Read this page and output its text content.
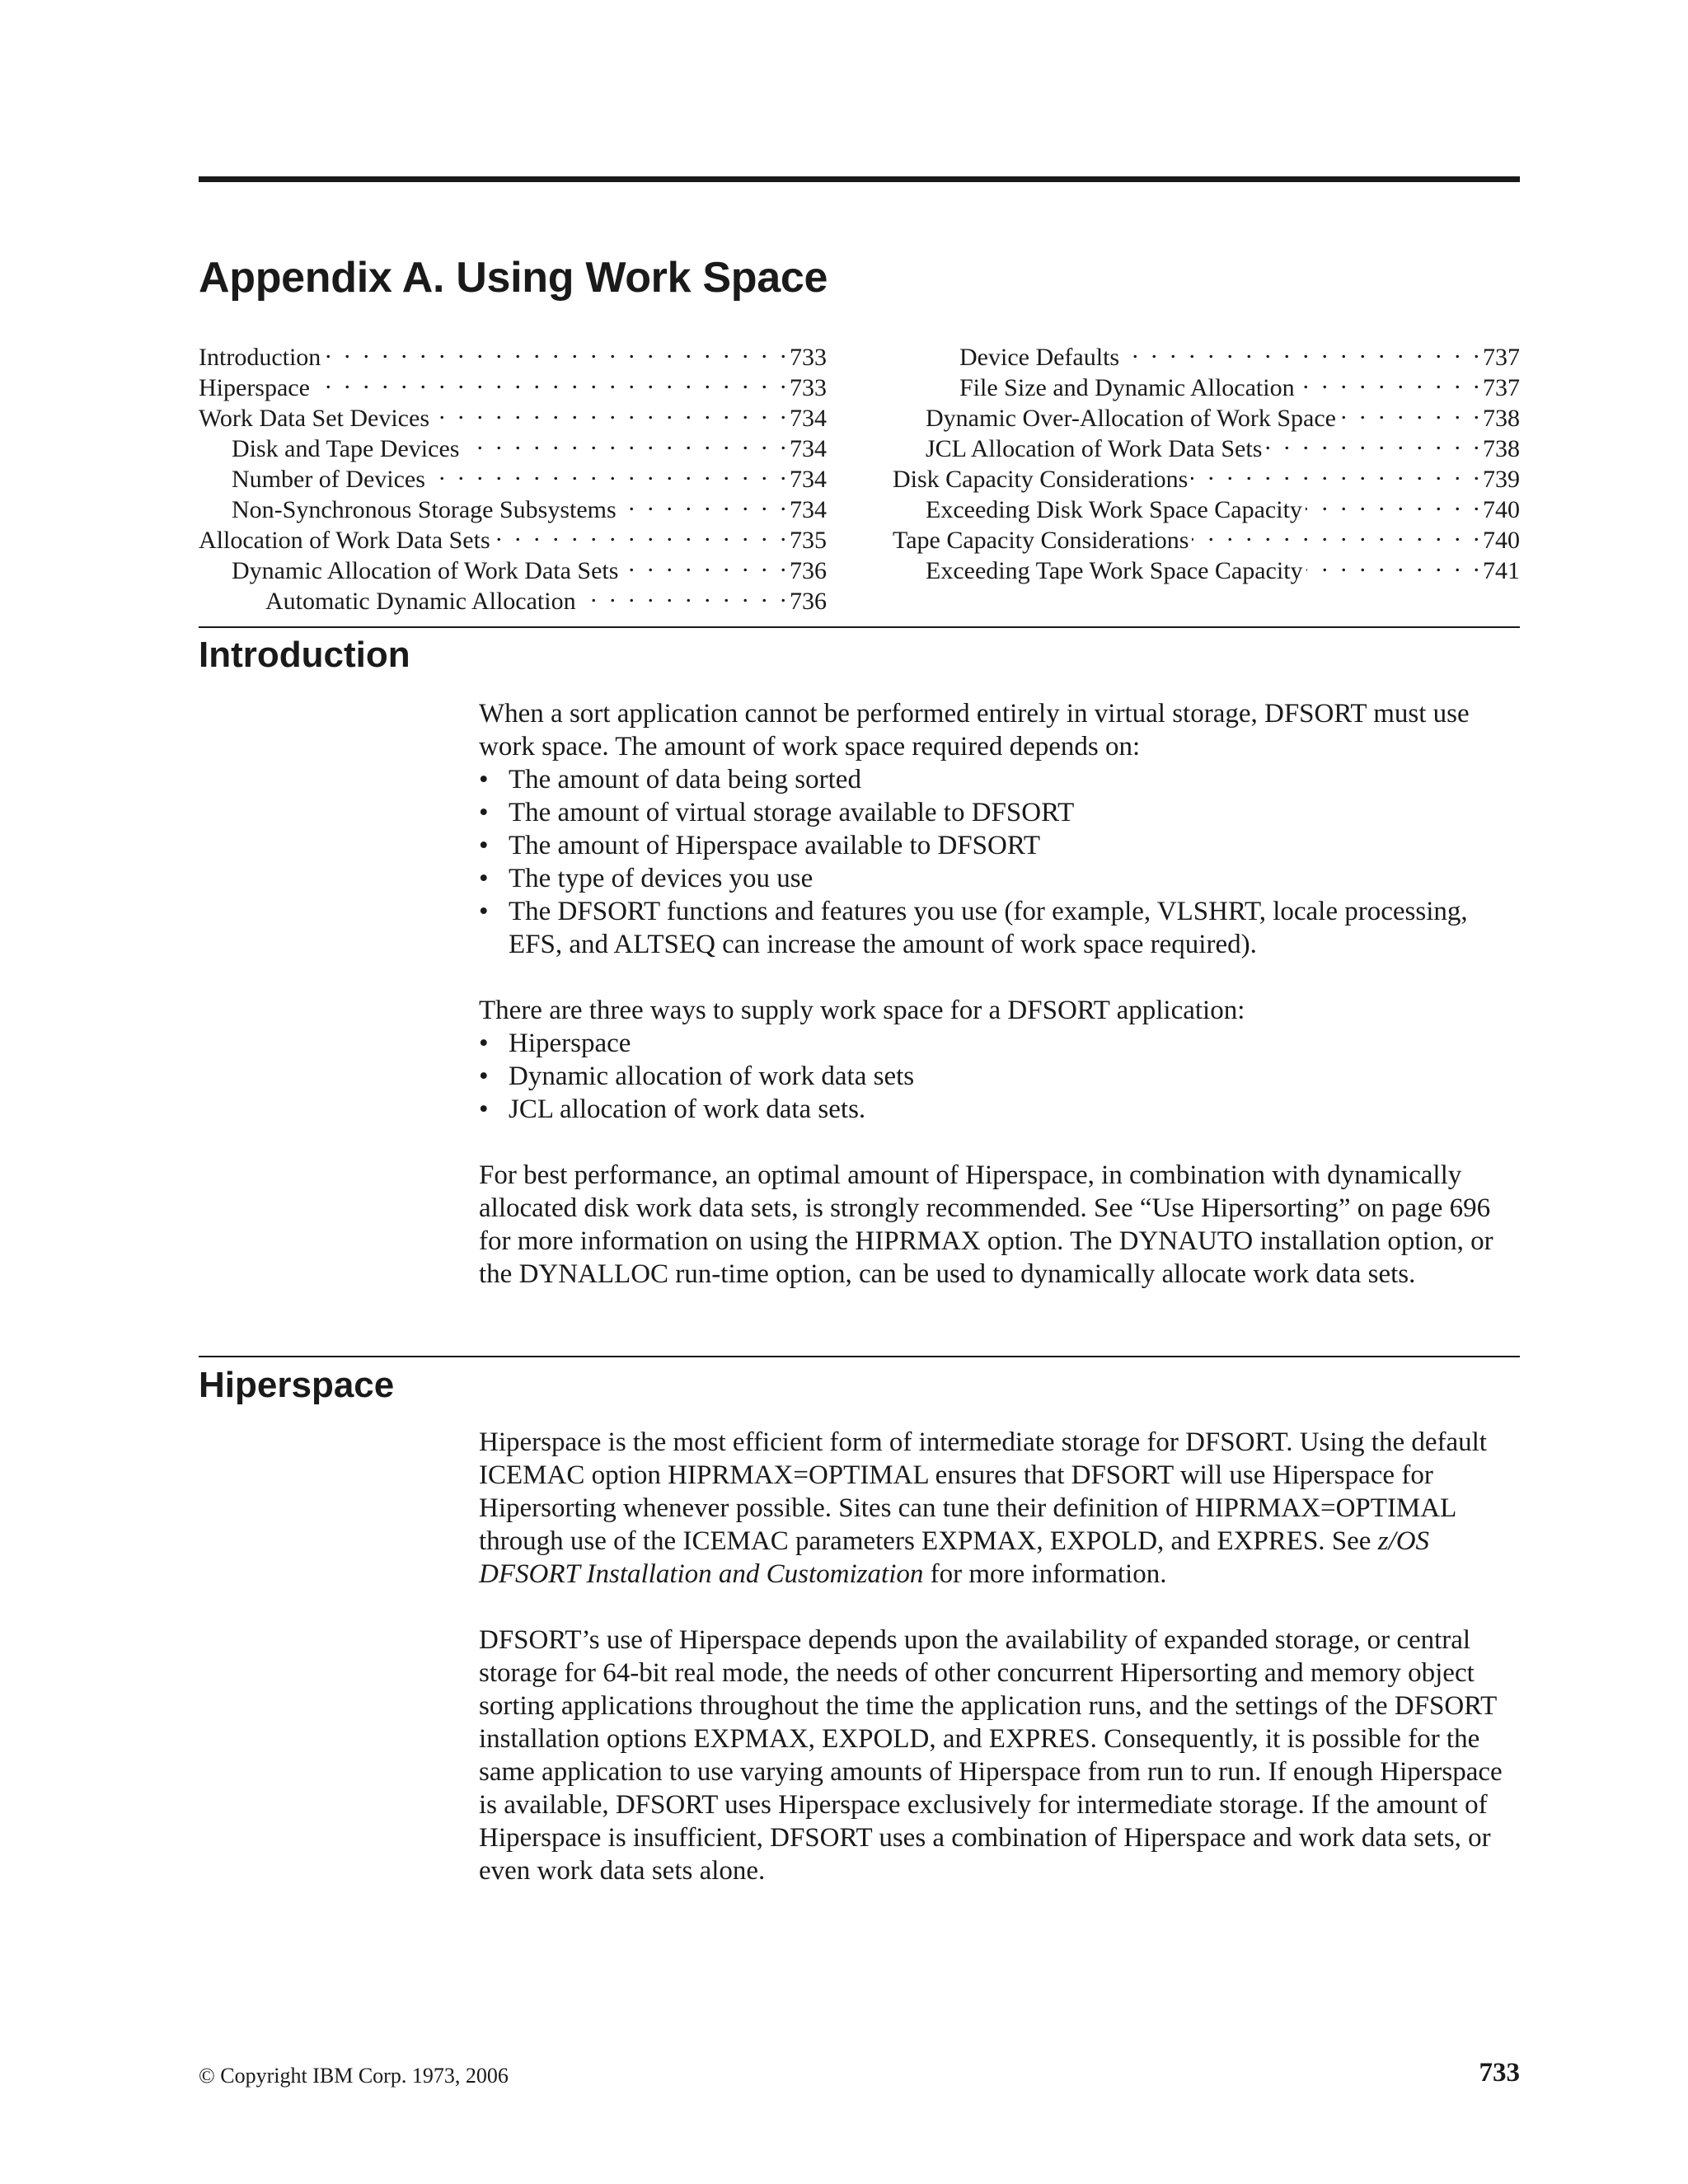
Appendix A. Using Work Space
Introduction . . .	733
Hiperspace . . .	733
Work Data Set Devices . . .	734
Disk and Tape Devices . . .	734
Number of Devices . . .	734
Non-Synchronous Storage Subsystems . . .	734
Allocation of Work Data Sets . . .	735
Dynamic Allocation of Work Data Sets . . .	736
Automatic Dynamic Allocation . . .	736
Device Defaults . . .	737
File Size and Dynamic Allocation . . .	737
Dynamic Over-Allocation of Work Space . . .	738
JCL Allocation of Work Data Sets . . .	738
Disk Capacity Considerations . . .	739
Exceeding Disk Work Space Capacity . . .	740
Tape Capacity Considerations . . .	740
Exceeding Tape Work Space Capacity . . .	741
Introduction

When a sort application cannot be performed entirely in virtual storage, DFSORT must use work space. The amount of work space required depends on:

• The amount of data being sorted
• The amount of virtual storage available to DFSORT
• The amount of Hiperspace available to DFSORT
• The type of devices you use
• The DFSORT functions and features you use (for example, VLSHRT, locale processing, EFS, and ALTSEQ can increase the amount of work space required).

There are three ways to supply work space for a DFSORT application:

• Hiperspace
• Dynamic allocation of work data sets
• JCL allocation of work data sets.

For best performance, an optimal amount of Hiperspace, in combination with dynamically allocated disk work data sets, is strongly recommended. See “Use Hipersorting” on page 696 for more information on using the HIPRMAX option. The DYNAUTO installation option, or the DYNALLOC run-time option, can be used to dynamically allocate work data sets.

Hiperspace

Hiperspace is the most efficient form of intermediate storage for DFSORT. Using the default ICEMAC option HIPRMAX=OPTIMAL ensures that DFSORT will use Hiperspace for Hipersorting whenever possible. Sites can tune their definition of HIPRMAX=OPTIMAL through use of the ICEMAC parameters EXPMAX, EXPOLD, and EXPRES. See z/OS DFSORT Installation and Customization for more information.

DFSORT’s use of Hiperspace depends upon the availability of expanded storage, or central storage for 64-bit real mode, the needs of other concurrent Hipersorting and memory object sorting applications throughout the time the application runs, and the settings of the DFSORT installation options EXPMAX, EXPOLD, and EXPRES. Consequently, it is possible for the same application to use varying amounts of Hiperspace from run to run. If enough Hiperspace is available, DFSORT uses Hiperspace exclusively for intermediate storage. If the amount of Hiperspace is insufficient, DFSORT uses a combination of Hiperspace and work data sets, or even work data sets alone.

© Copyright IBM Corp. 1973, 2006	733
